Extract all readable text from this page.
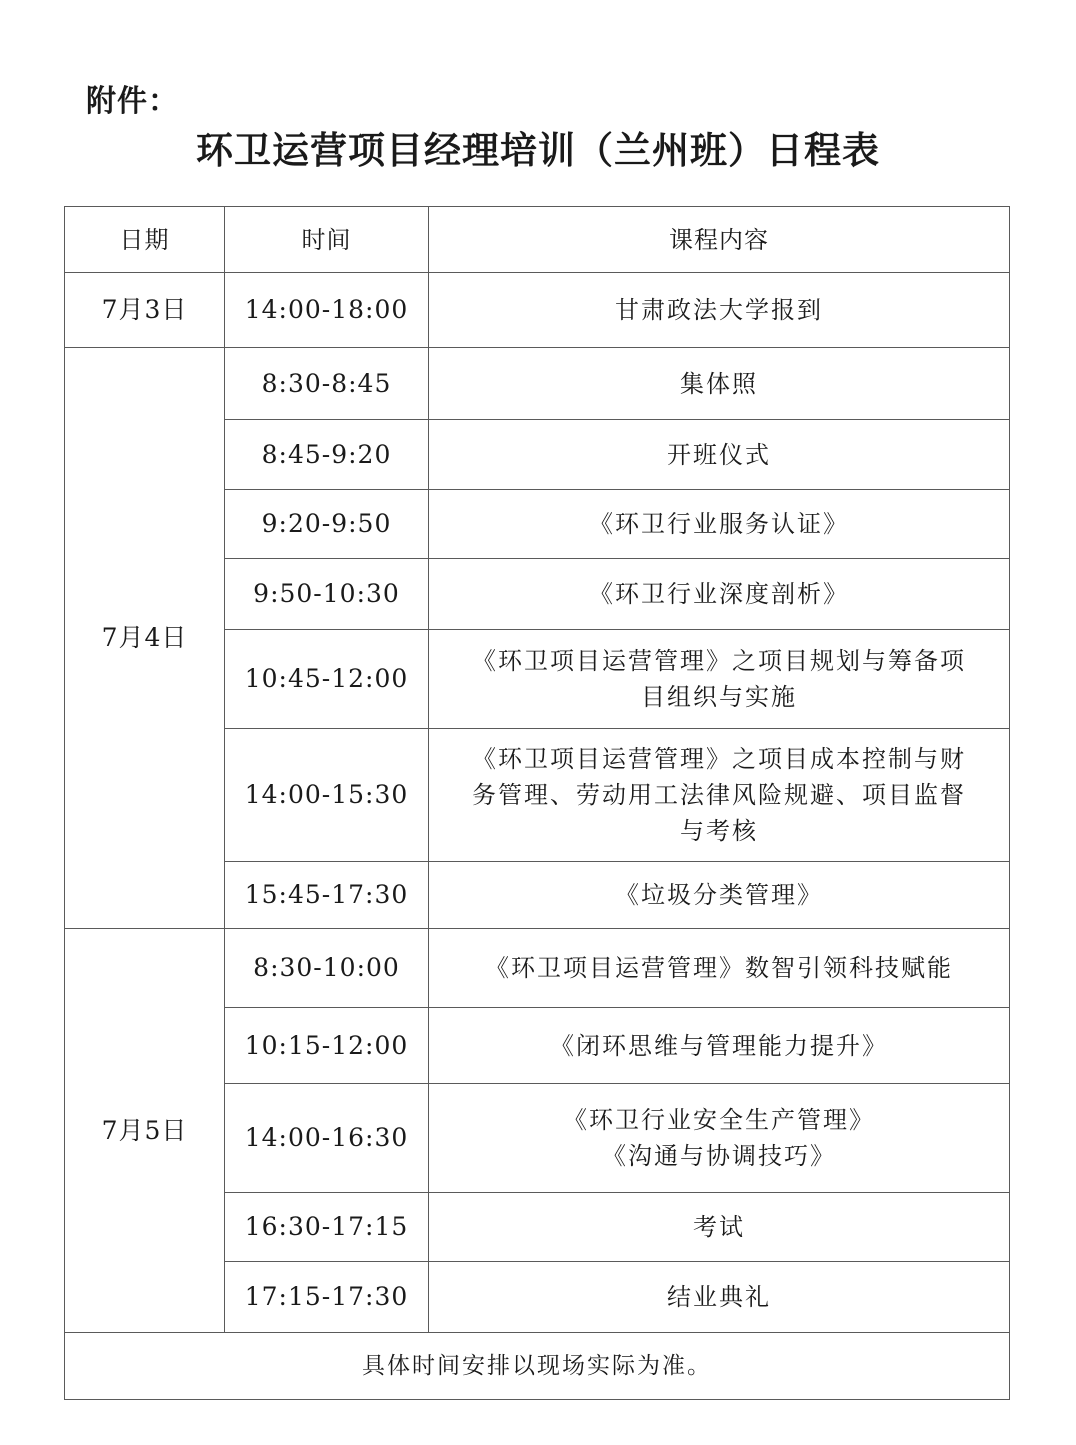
附件：
环卫运营项目经理培训（兰州班）日程表
日期	时间	课程内容
7月3日	14:00-18:00	甘肃政法大学报到

7月4日	8:30-8:45	集体照

	8:45-9:20	开班仪式

	9:20-9:50	《环卫行业服务认证》

	9:50-10:30	《环卫行业深度剖析》

	10:45-12:00	《环卫项目运营管理》之项目规划与筹备项
目组织与实施

	14:00-15:30	《环卫项目运营管理》之项目成本控制与财
务管理、劳动用工法律风险规避、项目监督
与考核

	15:45-17:30	《垃圾分类管理》

7月5日	8:30-10:00	《环卫项目运营管理》数智引领科技赋能

	10:15-12:00	《闭环思维与管理能力提升》

	14:00-16:30	《环卫行业安全生产管理》
《沟通与协调技巧》

	16:30-17:15	考试

	17:15-17:30	结业典礼

具体时间安排以现场实际为准。		
